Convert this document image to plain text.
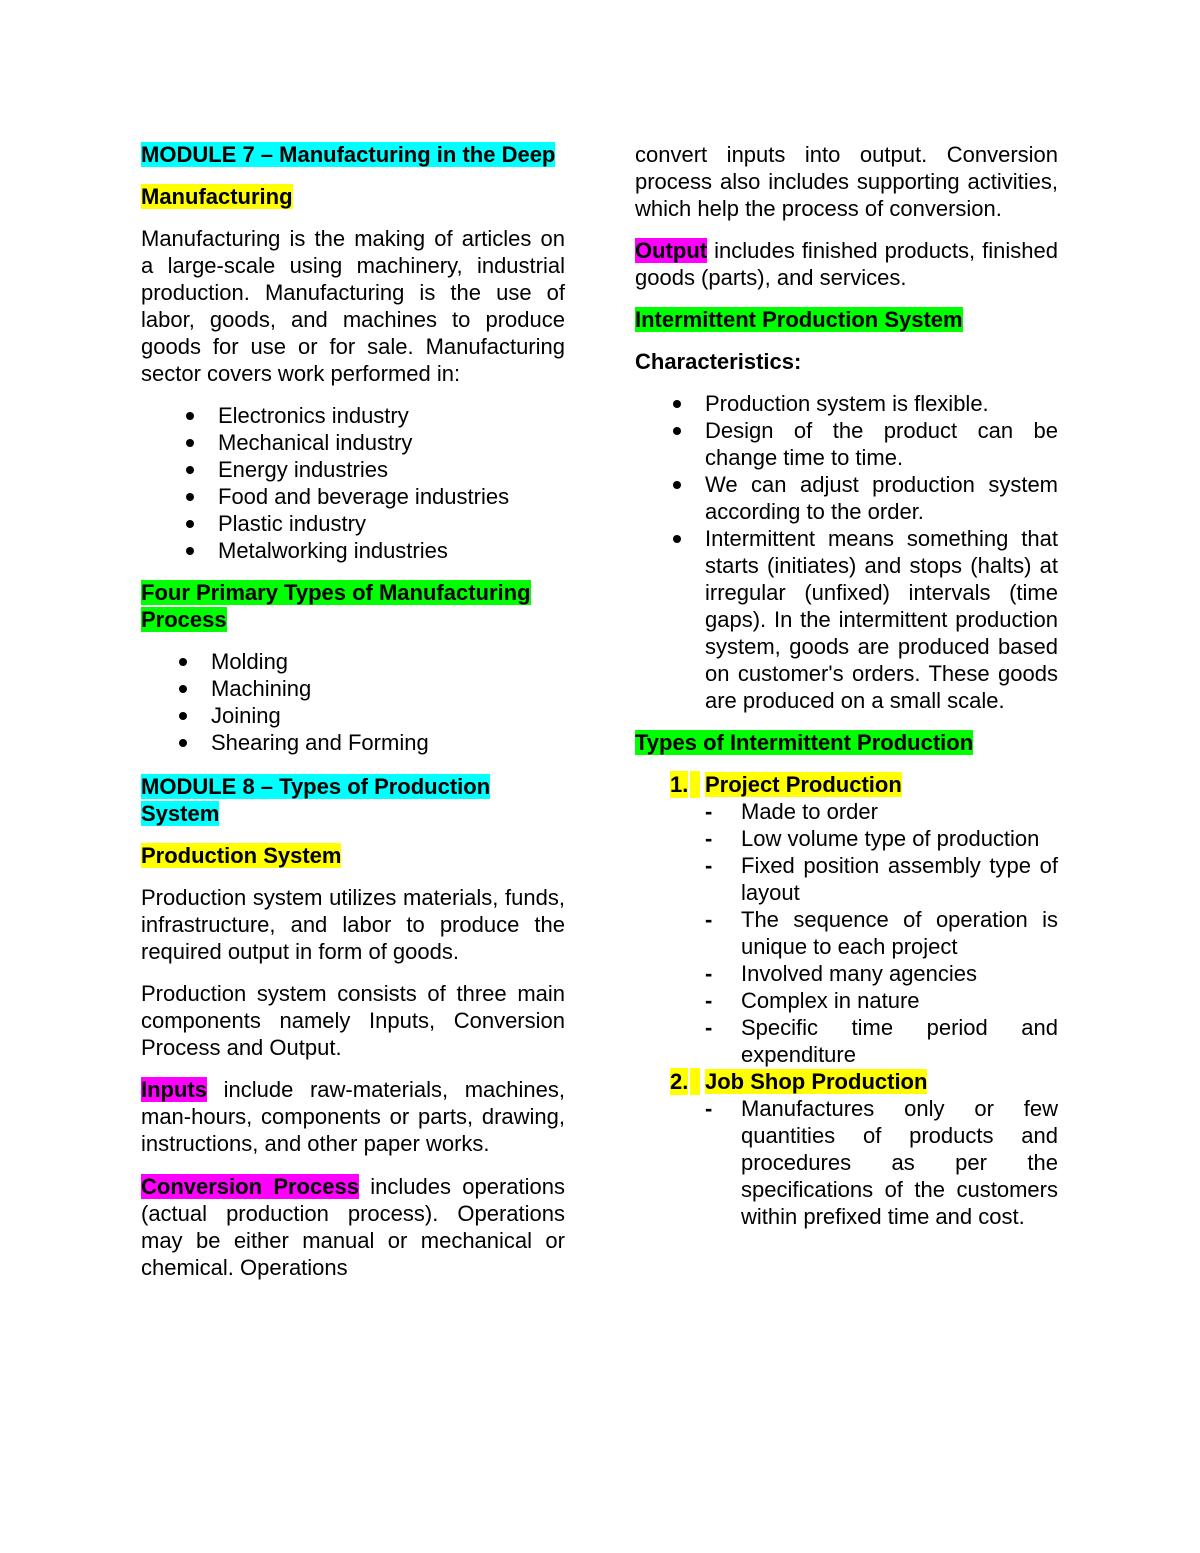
MODULE 7 – Manufacturing in the Deep

Manufacturing

Manufacturing is the making of articles on a large-scale using machinery, industrial production. Manufacturing is the use of labor, goods, and machines to produce goods for use or for sale. Manufacturing sector covers work performed in:

Electronics industry
Mechanical industry
Energy industries
Food and beverage industries
Plastic industry
Metalworking industries

Four Primary Types of Manufacturing Process

Molding
Machining
Joining
Shearing and Forming

MODULE 8 – Types of Production System

Production System

Production system utilizes materials, funds, infrastructure, and labor to produce the required output in form of goods.

Production system consists of three main components namely Inputs, Conversion Process and Output.

Inputs include raw-materials, machines, man-hours, components or parts, drawing, instructions, and other paper works.

Conversion Process includes operations (actual production process). Operations may be either manual or mechanical or chemical. Operations

convert inputs into output. Conversion process also includes supporting activities, which help the process of conversion.

Output includes finished products, finished goods (parts), and services.

Intermittent Production System

Characteristics:

Production system is flexible.
Design of the product can be change time to time.
We can adjust production system according to the order.
Intermittent means something that starts (initiates) and stops (halts) at irregular (unfixed) intervals (time gaps). In the intermittent production system, goods are produced based on customer's orders. These goods are produced on a small scale.

Types of Intermittent Production

1. Project Production
- Made to order
- Low volume type of production
- Fixed position assembly type of layout
- The sequence of operation is unique to each project
- Involved many agencies
- Complex in nature
- Specific time period and expenditure
2. Job Shop Production
- Manufactures only or few quantities of products and procedures as per the specifications of the customers within prefixed time and cost.
